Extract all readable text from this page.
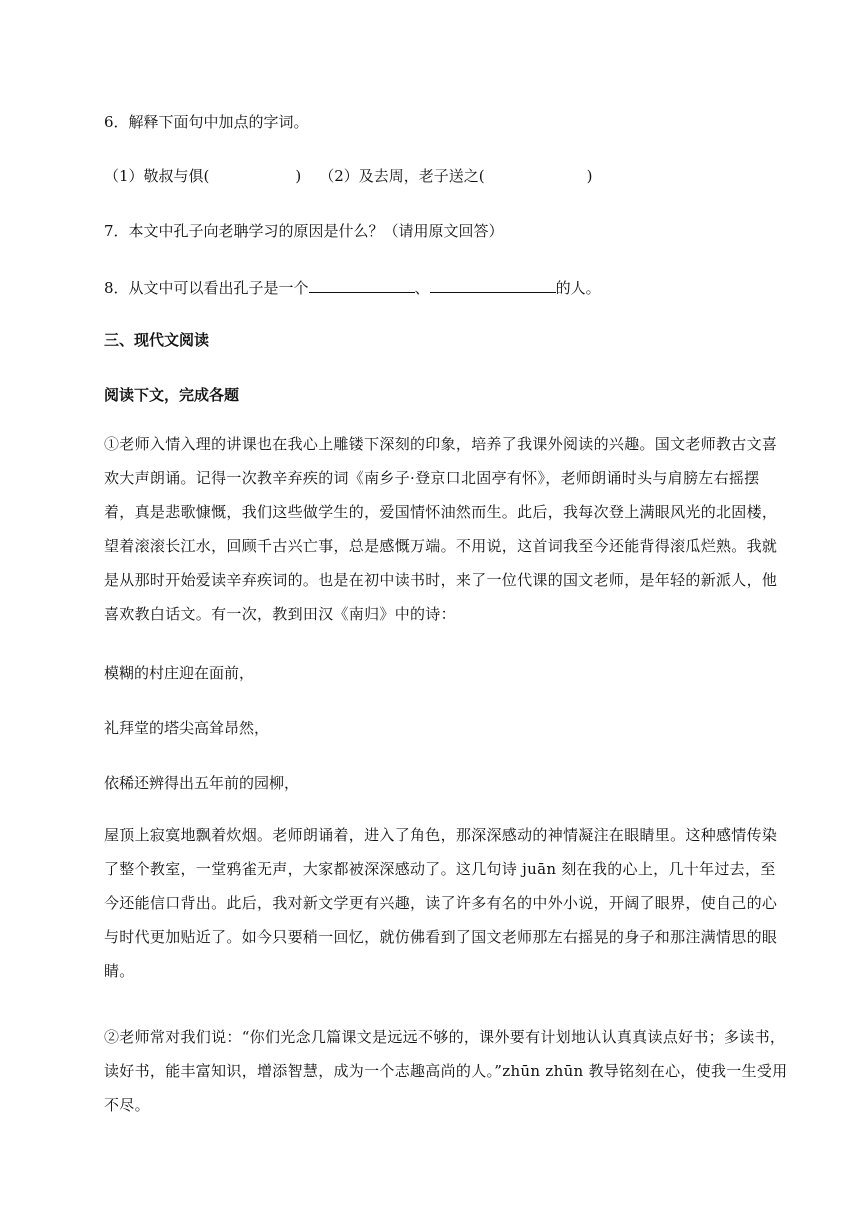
6．解释下面句中加点的字词。
（1）敬叔与俱(	) （2）及去周，老子送之(	)
7．本文中孔子向老聃学习的原因是什么？（请用原文回答）
8．从文中可以看出孔子是一个	、	的人。
三、现代文阅读
阅读下文，完成各题
①老师入情入理的讲课也在我心上雕镂下深刻的印象，培养了我课外阅读的兴趣。国文老师教古文喜欢大声朗诵。记得一次教辛弃疾的词《南乡子·登京口北固亭有怀》，老师朗诵时头与肩膀左右摇摆着，真是悲歌慷慨，我们这些做学生的，爱国情怀油然而生。此后，我每次登上满眼风光的北固楼，望着滚滚长江水，回顾千古兴亡事，总是感慨万端。不用说，这首词我至今还能背得滚瓜烂熟。我就是从那时开始爱读辛弃疾词的。也是在初中读书时，来了一位代课的国文老师，是年轻的新派人，他喜欢教白话文。有一次，教到田汉《南归》中的诗：
模糊的村庄迎在面前，
礼拜堂的塔尖高耸昂然，
依稀还辨得出五年前的园柳，
屋顶上寂寞地飘着炊烟。老师朗诵着，进入了角色，那深深感动的神情凝注在眼睛里。这种感情传染了整个教室，一堂鸦雀无声，大家都被深深感动了。这几句诗 juān 刻在我的心上，几十年过去，至今还能信口背出。此后，我对新文学更有兴趣，读了许多有名的中外小说，开阔了眼界，使自己的心与时代更加贴近了。如今只要稍一回忆，就仿佛看到了国文老师那左右摇晃的身子和那注满情思的眼睛。
②老师常对我们说：“你们光念几篇课文是远远不够的，课外要有计划地认认真真读点好书；多读书，读好书，能丰富知识，增添智慧，成为一个志趣高尚的人。”zhūn zhūn 教导铭刻在心，使我一生受用不尽。
